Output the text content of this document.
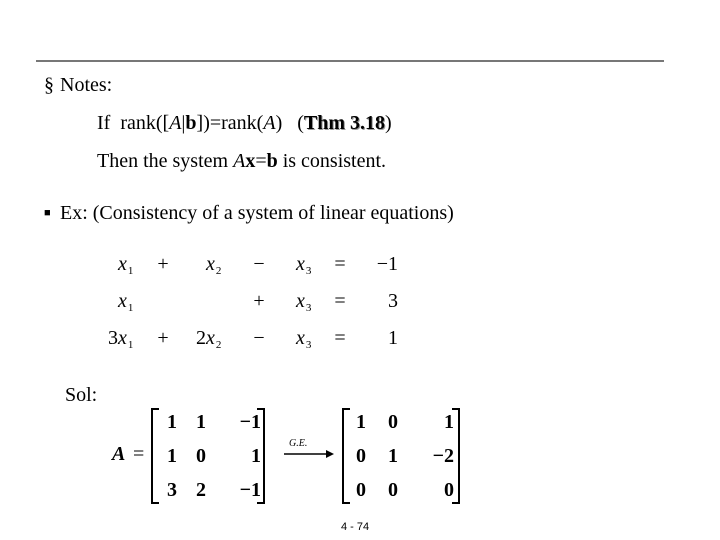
§ Notes:
If rank([A|b])=rank(A) (Thm 3.18)
Then the system Ax=b is consistent.
■ Ex: (Consistency of a system of linear equations)
$x_1 + x_2 - x_3$ =	−1
$x_1$	+ $x_3$ =	3
$3x_1 + 2x_2 - x_3$ =	1
Sol:
A =
1 1	−1
1 0	1
3 2	−1
G.E.
1	0	1
0	1	−2
0	0	0
4 - 74
